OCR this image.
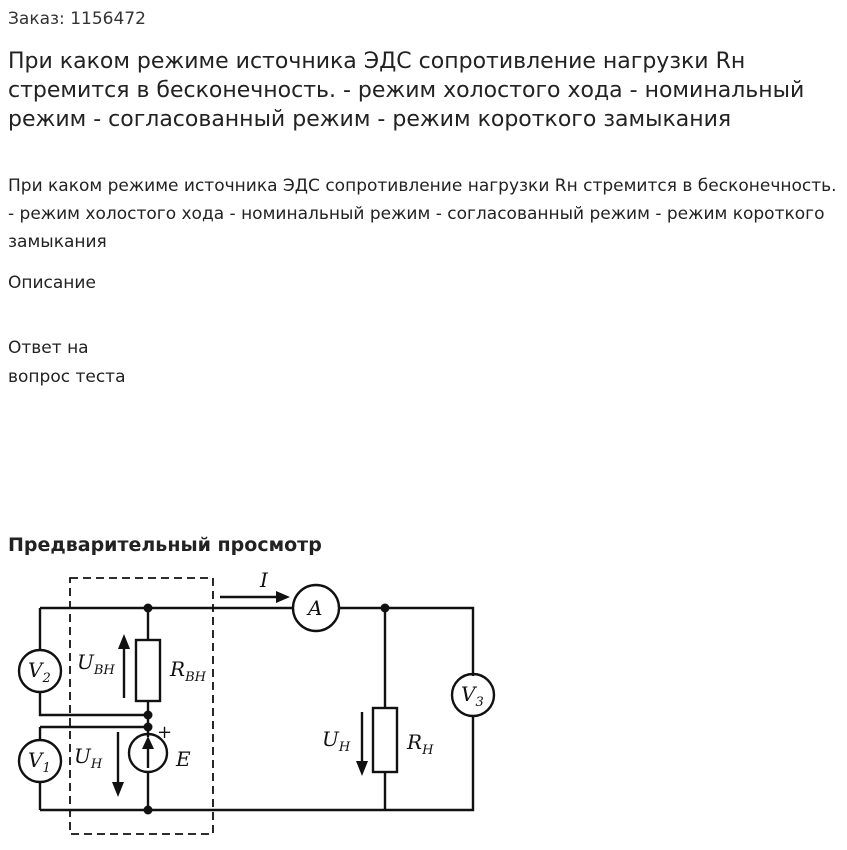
Заказ: 1156472
При каком режиме источника ЭДС сопротивление нагрузки Rн стремится в бесконечность. - режим холостого хода - номинальный режим - согласованный режим - режим короткого замыкания

При каком режиме источника ЭДС сопротивление нагрузки Rн стремится в бесконечность. - режим холостого хода - номинальный режим - согласованный режим - режим короткого замыкания

Описание
Ответ на
вопрос теста
Предварительный просмотр
I
A
$V_2$
$V_1$
$V_3$
$U_{ВН}$	$R_{ВН}$
$U_Н$	E
+	$U_Н$	$R_Н$
